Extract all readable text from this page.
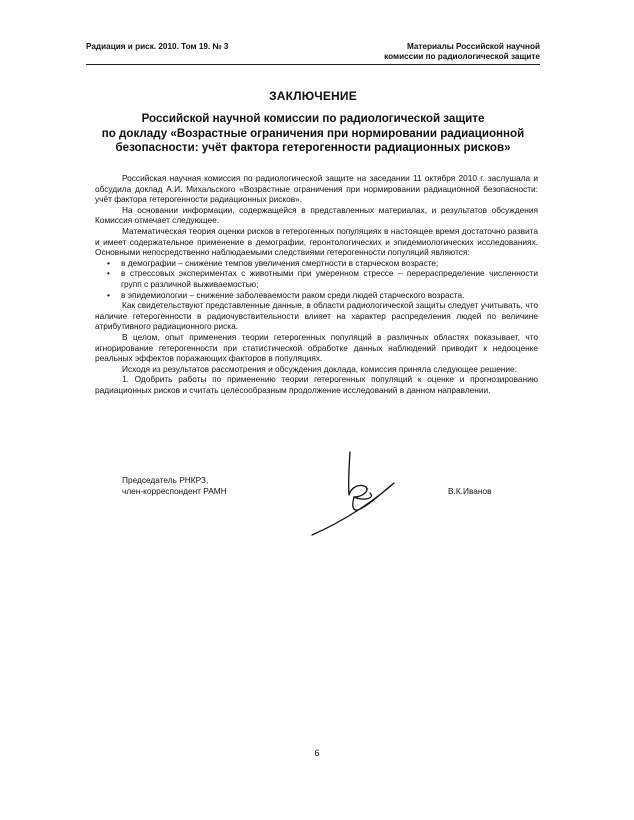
Радиация и риск. 2010. Том 19. № 3	Материалы Российской научной
комиссии по радиологической защите
ЗАКЛЮЧЕНИЕ
Российской научной комиссии по радиологической защите
по докладу «Возрастные ограничения при нормировании радиационной
безопасности: учёт фактора гетерогенности радиационных рисков»

Российская научная комиссия по радиологической защите на заседании 11 октября 2010 г. заслушала и обсудила доклад А.И. Михальского «Возрастные ограничения при нормировании радиационной безопасности: учёт фактора гетерогенности радиационных рисков».

На основании информации, содержащейся в представленных материалах, и результатов обсуждения Комиссия отмечает следующее.

Математическая теория оценки рисков в гетерогенных популяциях в настоящее время достаточно развита и имеет содержательное применение в демографии, геронтологических и эпидемиологических исследованиях. Основными непосредственно наблюдаемыми следствиями гетерогенности популяций являются:

• в демографии – снижение темпов увеличения смертности в старческом возрасте;
• в стрессовых экспериментах с животными при умеренном стрессе – перераспределение численности групп с различной выживаемостью;
• в эпидемиологии – снижение заболеваемости раком среди людей старческого возраста.

Как свидетельствуют представленные данные, в области радиологической защиты следует учитывать, что наличие гетерогенности в радиочувствительности влияет на характер распределения людей по величине атрибутивного радиационного риска.

В целом, опыт применения теории гетерогенных популяций в различных областях показывает, что игнорирование гетерогенности при статистической обработке данных наблюдений приводит к недооценке реальных эффектов поражающих факторов в популяциях.

Исходя из результатов рассмотрения и обсуждения доклада, комиссия приняла следующее решение:

1. Одобрить работы по применению теории гетерогенных популяций к оценке и прогнозированию радиационных рисков и считать целесообразным продолжение исследований в данном направлении.

Председатель РНКРЗ,
член-корреспондент РАМН	В.К.Иванов
6
